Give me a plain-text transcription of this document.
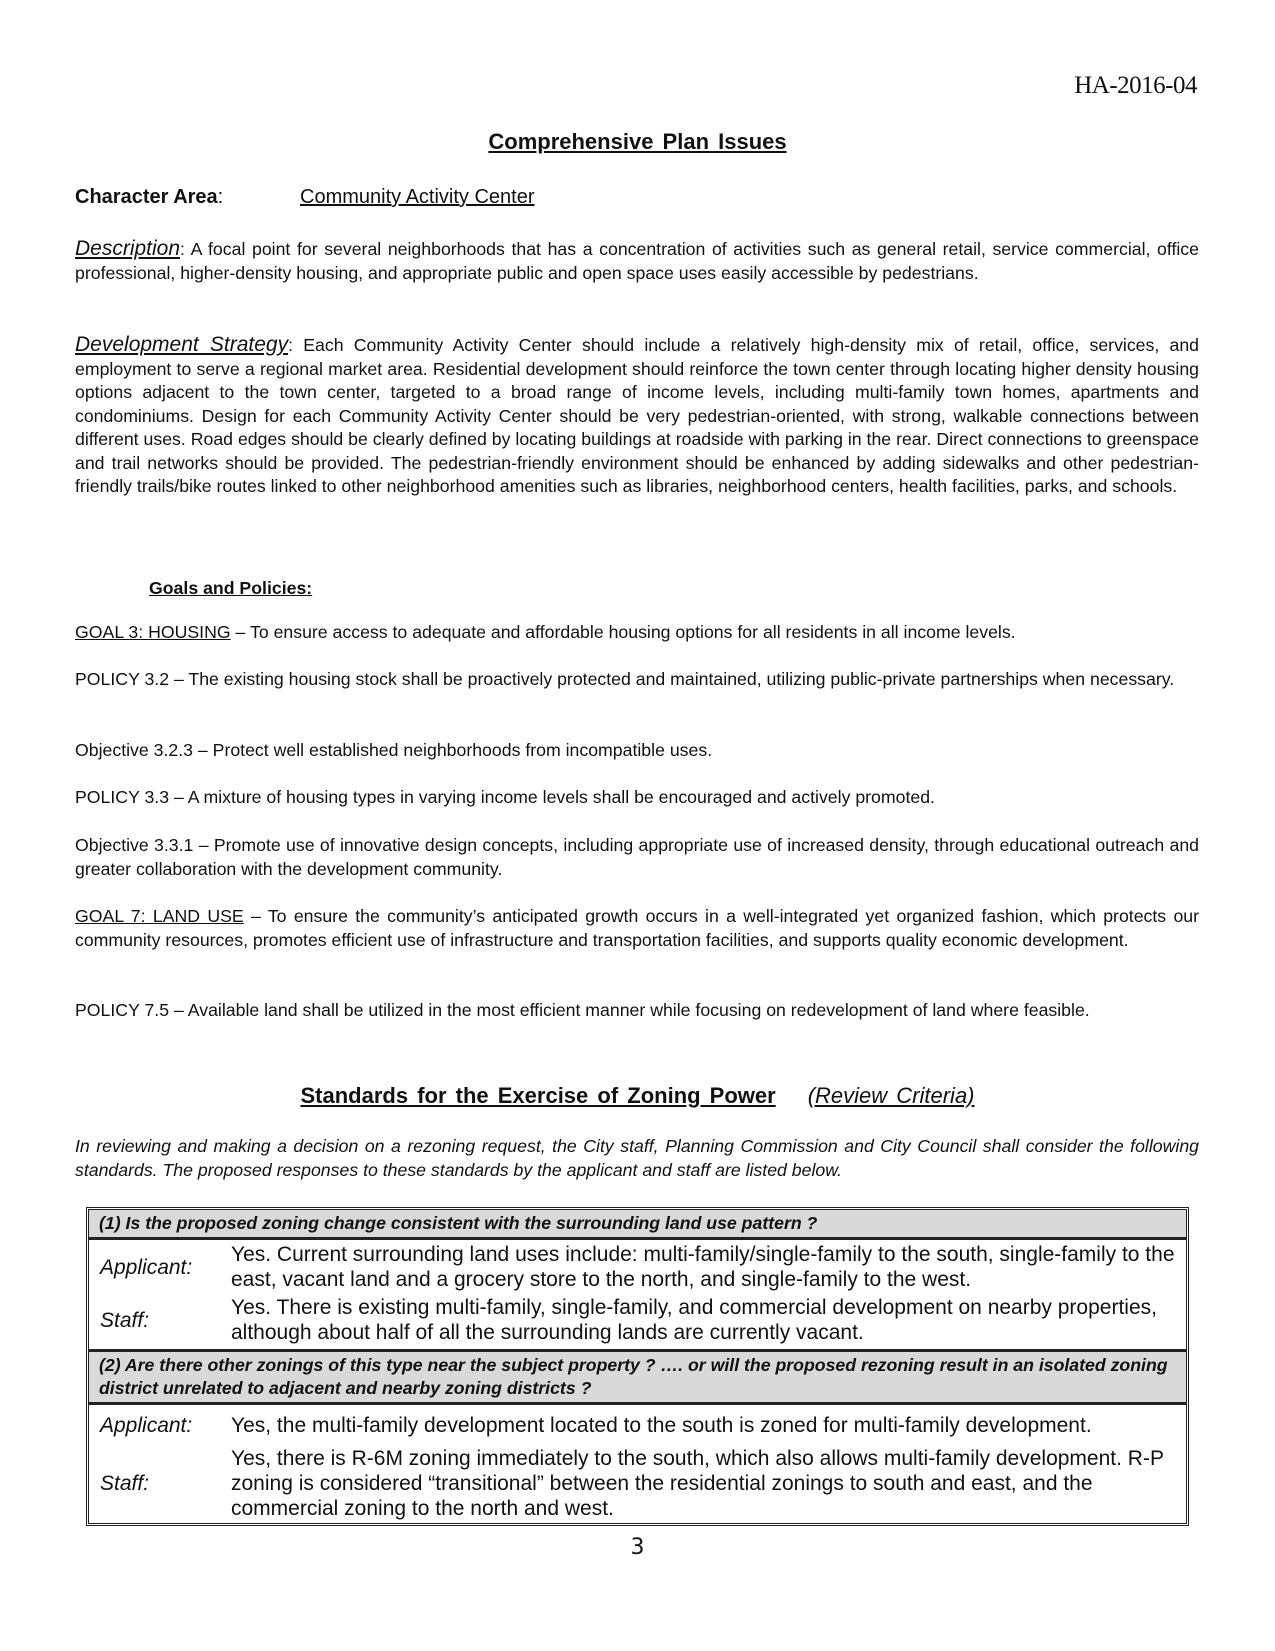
HA-2016-04
Comprehensive Plan Issues
Character Area:	Community Activity Center

Description: A focal point for several neighborhoods that has a concentration of activities such as general retail, service commercial, office professional, higher-density housing, and appropriate public and open space uses easily accessible by pedestrians.

Development Strategy: Each Community Activity Center should include a relatively high-density mix of retail, office, services, and employment to serve a regional market area. Residential development should reinforce the town center through locating higher density housing options adjacent to the town center, targeted to a broad range of income levels, including multi-family town homes, apartments and condominiums. Design for each Community Activity Center should be very pedestrian-oriented, with strong, walkable connections between different uses. Road edges should be clearly defined by locating buildings at roadside with parking in the rear. Direct connections to greenspace and trail networks should be provided. The pedestrian-friendly environment should be enhanced by adding sidewalks and other pedestrian-friendly trails/bike routes linked to other neighborhood amenities such as libraries, neighborhood centers, health facilities, parks, and schools.

Goals and Policies:

GOAL 3: HOUSING – To ensure access to adequate and affordable housing options for all residents in all income levels.

POLICY 3.2 – The existing housing stock shall be proactively protected and maintained, utilizing public-private partnerships when necessary.

Objective 3.2.3 – Protect well established neighborhoods from incompatible uses.

POLICY 3.3 – A mixture of housing types in varying income levels shall be encouraged and actively promoted.

Objective 3.3.1 – Promote use of innovative design concepts, including appropriate use of increased density, through educational outreach and greater collaboration with the development community.

GOAL 7: LAND USE – To ensure the community’s anticipated growth occurs in a well-integrated yet organized fashion, which protects our community resources, promotes efficient use of infrastructure and transportation facilities, and supports quality economic development.

POLICY 7.5 – Available land shall be utilized in the most efficient manner while focusing on redevelopment of land where feasible.

Standards for the Exercise of Zoning Power (Review Criteria)

In reviewing and making a decision on a rezoning request, the City staff, Planning Commission and City Council shall consider the following standards. The proposed responses to these standards by the applicant and staff are listed below.

(1) Is the proposed zoning change consistent with the surrounding land use pattern ?
Applicant:
Yes. Current surrounding land uses include: multi-family/single-family to the south, single-family to the east, vacant land and a grocery store to the north, and single-family to the west.
Staff:
Yes. There is existing multi-family, single-family, and commercial development on nearby properties, although about half of all the surrounding lands are currently vacant.
(2) Are there other zonings of this type near the subject property ? …. or will the proposed rezoning result in an isolated zoning district unrelated to adjacent and nearby zoning districts ?
Applicant: Yes, the multi-family development located to the south is zoned for multi-family development.
Staff:
Yes, there is R-6M zoning immediately to the south, which also allows multi-family development. R-P zoning is considered “transitional” between the residential zonings to south and east, and the commercial zoning to the north and west.
3
